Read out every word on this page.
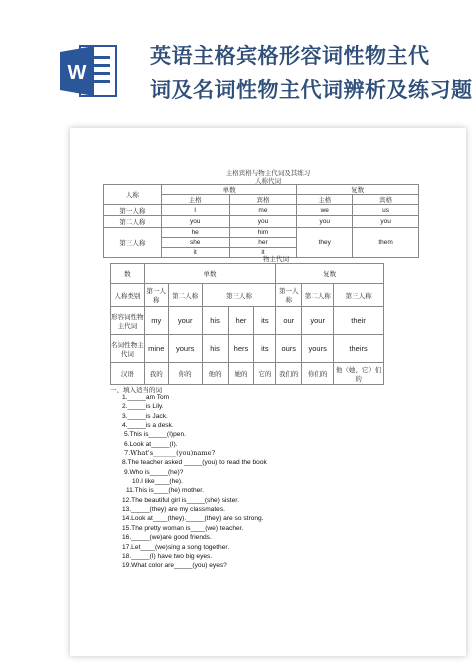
W
英语主格宾格形容词性物主代
词及名词性物主代词辨析及练习题
主格宾格与物主代词及其练习
人称代词
人称	单数		复数	
	主格	宾格	主格	宾格
第一人称	I	me	we	us
第二人称	you	you	you	you
第三人称	he	him	they	them
	she	her		
	it	it		
物主代词
数	单数					复数		
人称类别	第一人称	第二人称	第三人称			第一人称	第二人称	第三人称
形容词性物主代词	my	your	his	her	its	our	your	their
名词性物主代词	mine	yours	his	hers	its	ours	yours	theirs
汉语	我的	你的	他的	她的	它的	我们的	你们的	他（她、它）们的
一、填入适当的词
1._____am Tom
2._____is Lily.
3._____is Jack.
4._____is a desk.
5.This is_____(I)pen.
6.Look at_____(I).
7.What's_______(you)name?
8.The teacher asked _____(you) to read the book
9.Who is_____(he)?
10.I like____(he).
11.This is____(he) mother.
12.The beautiful girl is_____(she) sister.
13._____(they) are my classmates.
14.Look at____(they)._____(they) are so strong.
15.The pretty woman is____(we) teacher.
16._____(we)are good friends.
17.Let____(we)sing a song together.
18._____(I) have two big eyes.
19.What color are_____(you) eyes?
